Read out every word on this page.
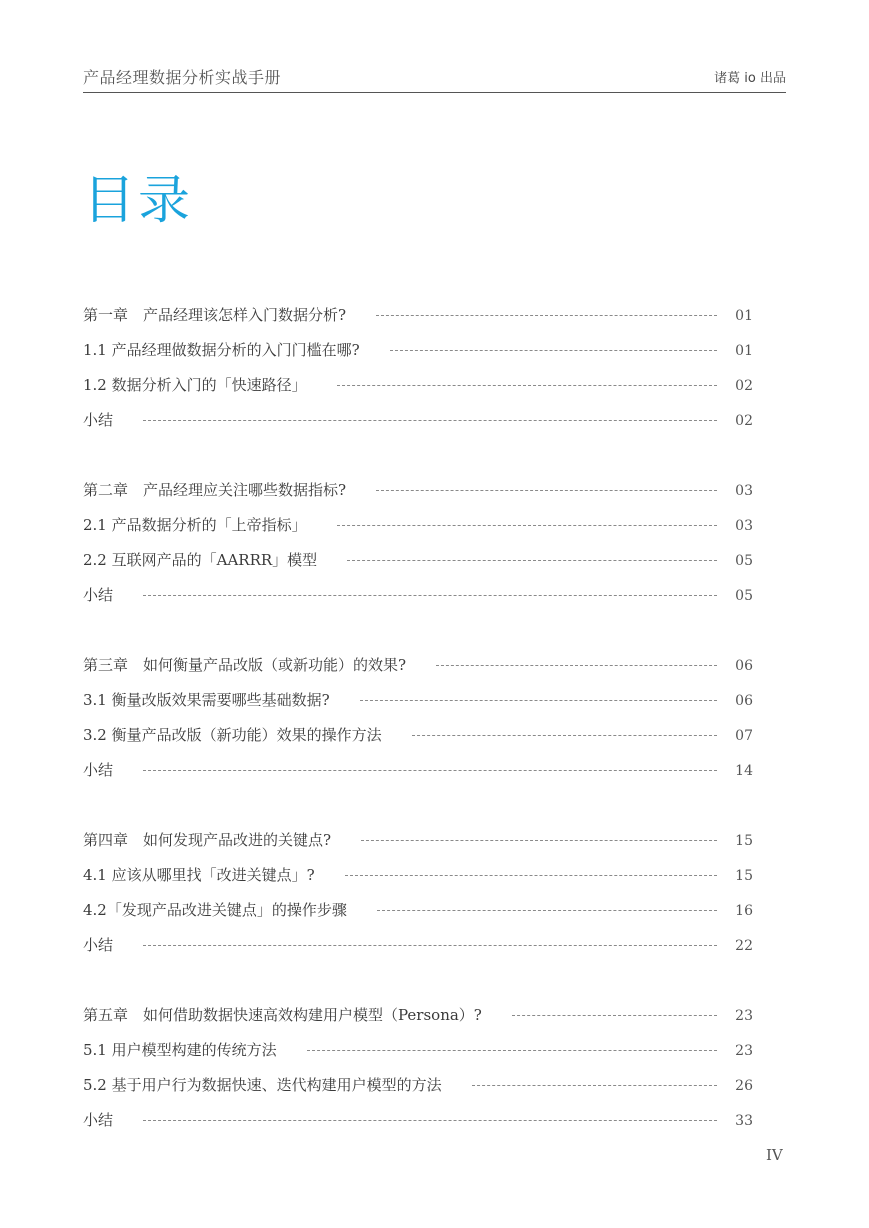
产品经理数据分析实战手册	诸葛 io 出品
目录
第一章　产品经理该怎样入门数据分析?	01
1.1 产品经理做数据分析的入门门槛在哪?	01
1.2 数据分析入门的「快速路径」	02
小结	02
第二章　产品经理应关注哪些数据指标?	03
2.1 产品数据分析的「上帝指标」	03
2.2 互联网产品的「AARRR」模型	05
小结	05
第三章　如何衡量产品改版（或新功能）的效果?	06
3.1 衡量改版效果需要哪些基础数据?	06
3.2 衡量产品改版（新功能）效果的操作方法	07
小结	14
第四章　如何发现产品改进的关键点?	15
4.1 应该从哪里找「改进关键点」?	15
4.2「发现产品改进关键点」的操作步骤	16
小结	22
第五章　如何借助数据快速高效构建用户模型（Persona）?	23
5.1 用户模型构建的传统方法	23
5.2 基于用户行为数据快速、迭代构建用户模型的方法	26
小结	33
IV
